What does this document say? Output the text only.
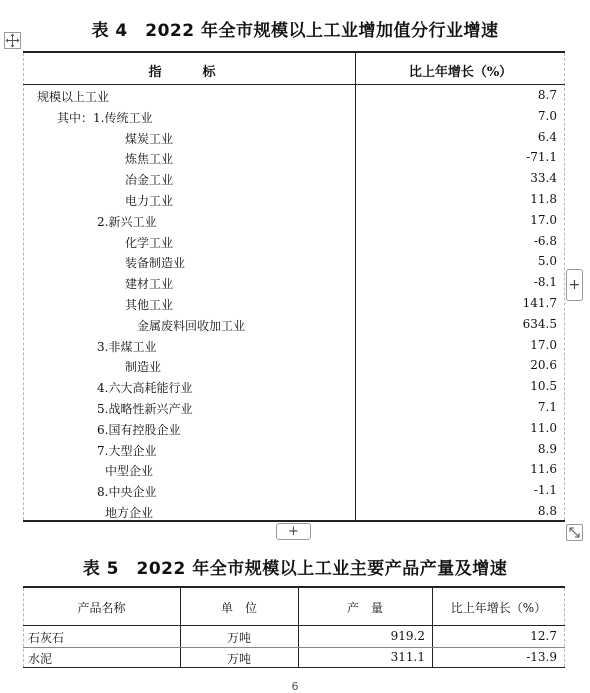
表 4　2022 年全市规模以上工业增加值分行业增速
指　标	比上年增长（%）
规模以上工业	8.7
其中：1.传统工业	7.0
煤炭工业	6.4
炼焦工业	-71.1
冶金工业	33.4
电力工业	11.8
2.新兴工业	17.0
化学工业	-6.8
装备制造业	5.0
建材工业	-8.1
其他工业	141.7
金属废料回收加工业	634.5
3.非煤工业	17.0
制造业	20.6
4.六大高耗能行业	10.5
5.战略性新兴产业	7.1
6.国有控股企业	11.0
7.大型企业	8.9
中型企业	11.6
8.中央企业	-1.1
地方企业	8.8
+
+
表 5　2022 年全市规模以上工业主要产品产量及增速
产品名称	单　位	产　量	比上年增长（%）
石灰石	万吨	919.2	12.7
水泥	万吨	311.1	-13.9
6
